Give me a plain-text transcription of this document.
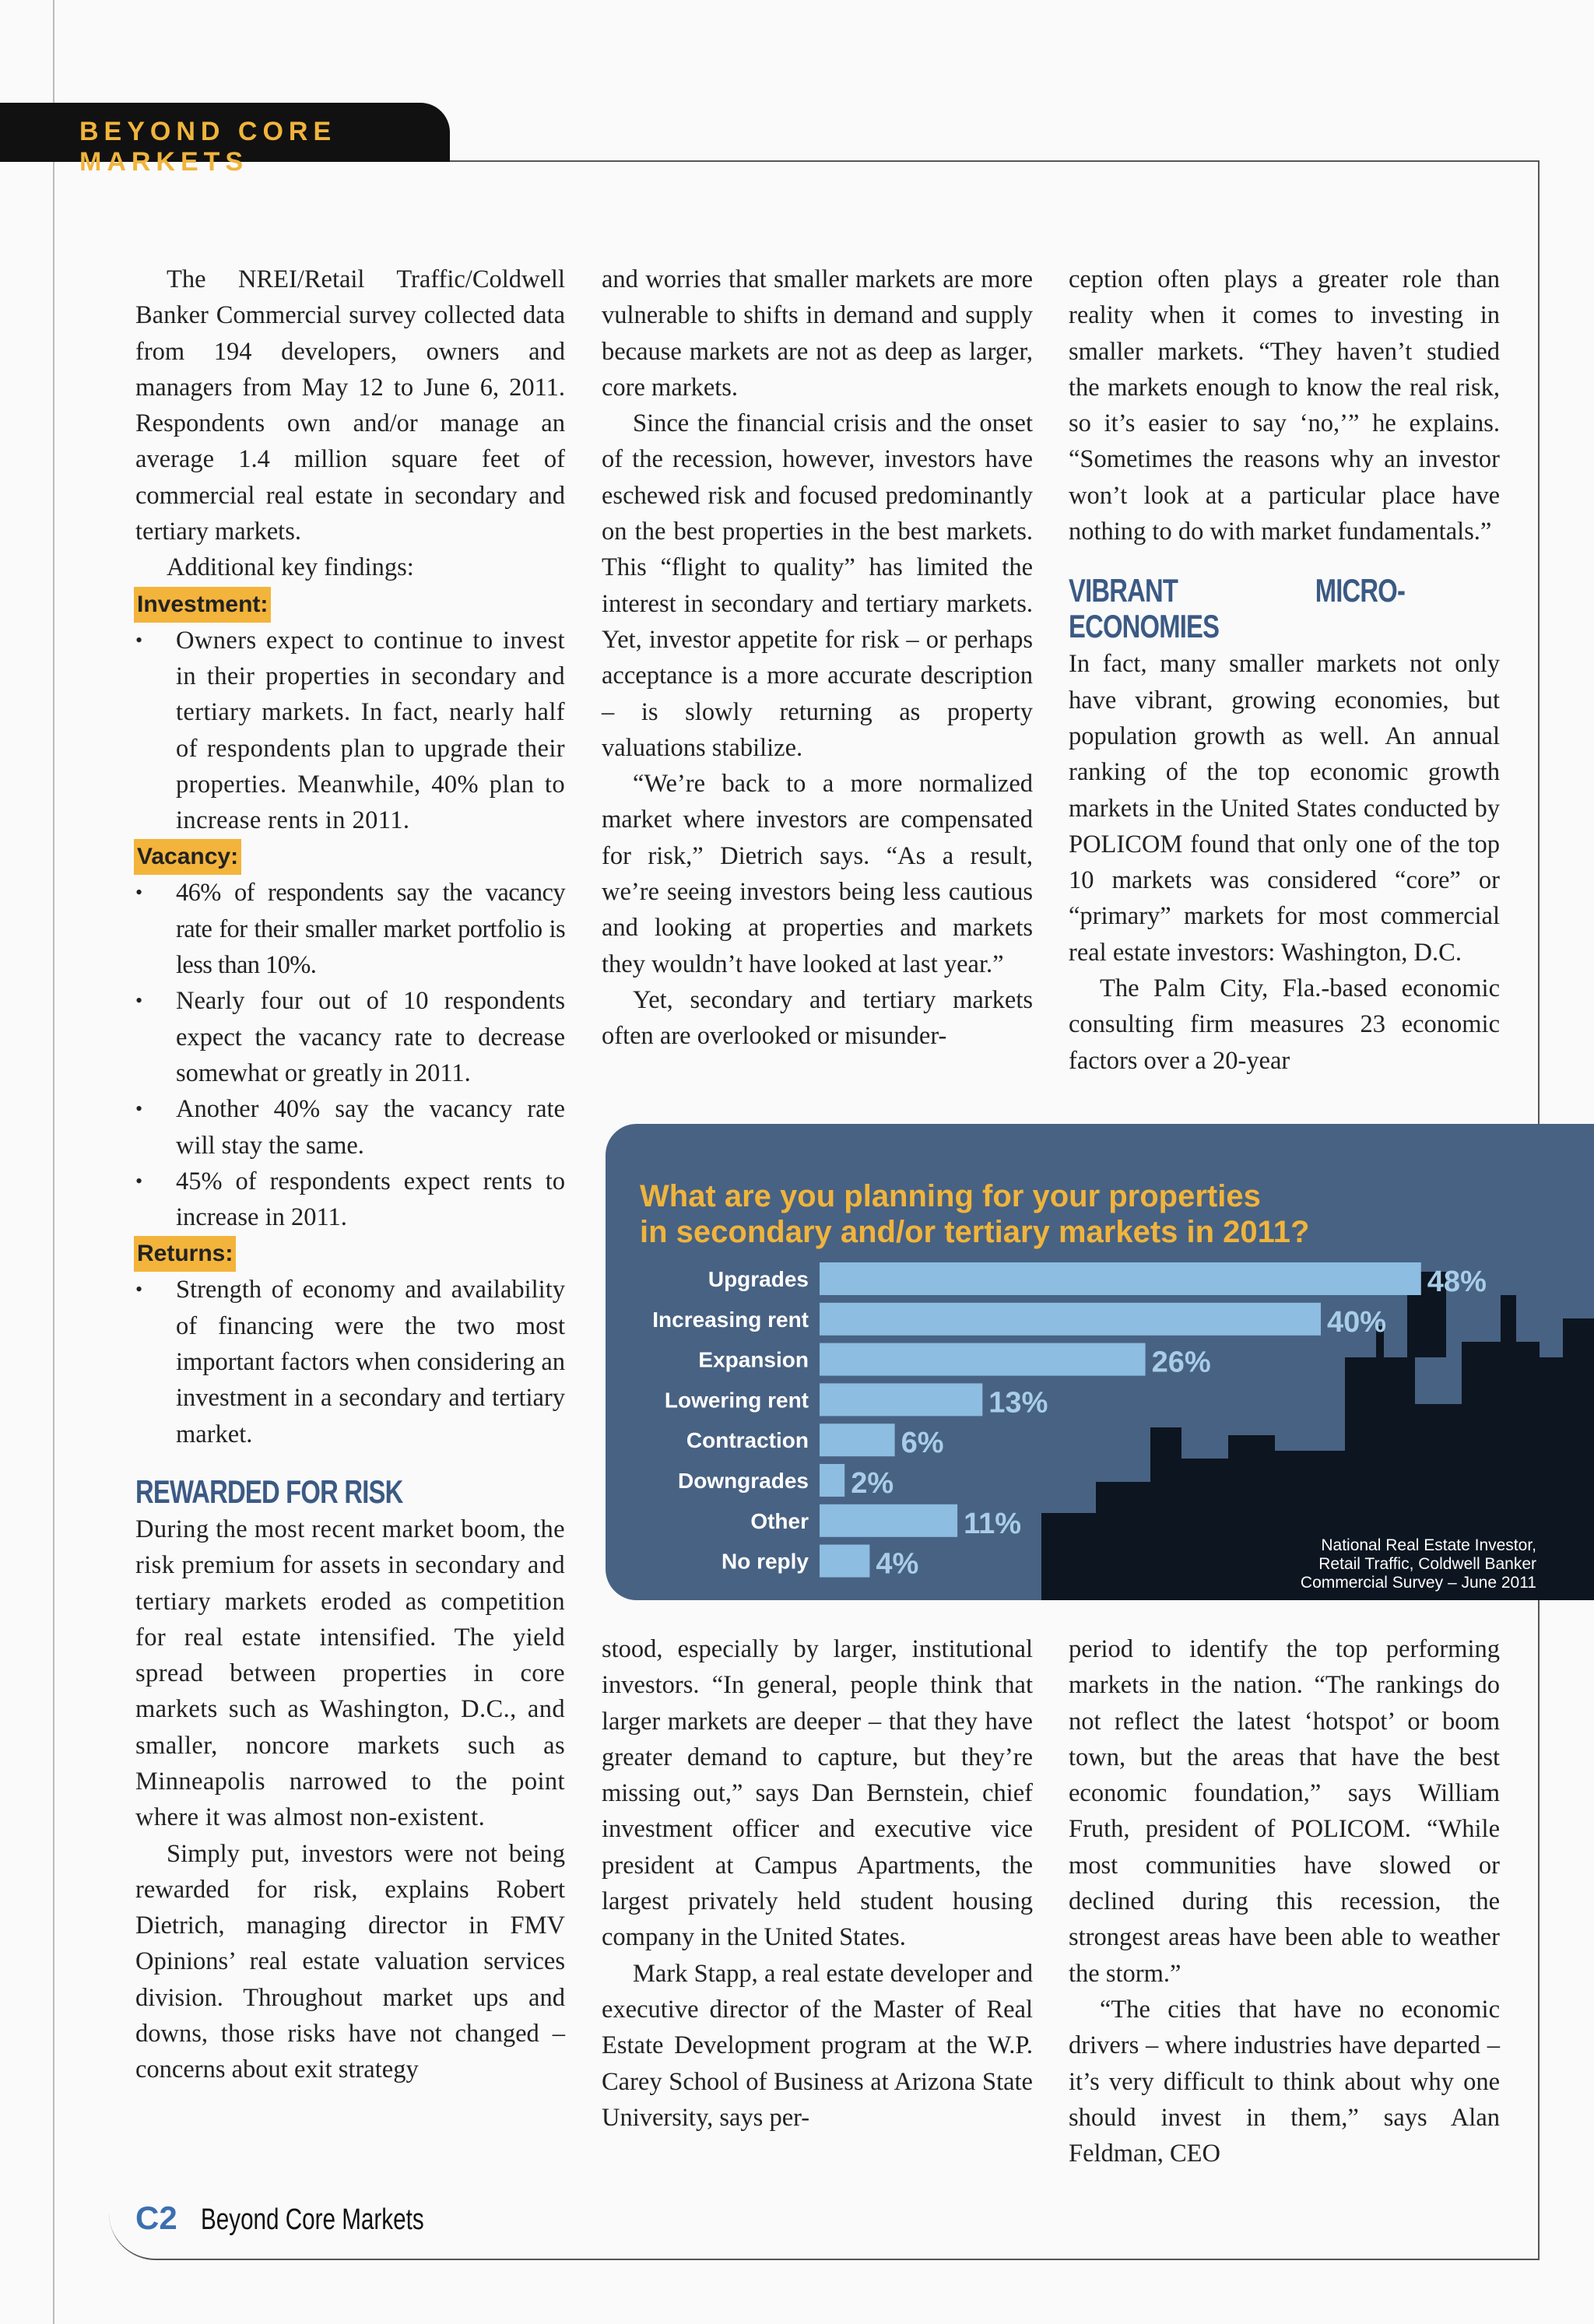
BEYOND CORE MARKETS

The NREI/Retail Traffic/Coldwell Banker Commercial survey collected data from 194 developers, owners and managers from May 12 to June 6, 2011. Respondents own and/or manage an average 1.4 million square feet of commercial real estate in secondary and tertiary markets.

Additional key findings:

Investment:
• Owners expect to continue to invest in their properties in secondary and tertiary markets. In fact, nearly half of respondents plan to upgrade their properties. Meanwhile, 40% plan to increase rents in 2011.
Vacancy:
• 46% of respondents say the vacancy rate for their smaller market portfolio is less than 10%.
• Nearly four out of 10 respondents expect the vacancy rate to decrease somewhat or greatly in 2011.
• Another 40% say the vacancy rate will stay the same.
• 45% of respondents expect rents to increase in 2011.
Returns:
• Strength of economy and availability of financing were the two most important factors when considering an investment in a secondary and tertiary market.
REWARDED FOR RISK

During the most recent market boom, the risk premium for assets in secondary and tertiary markets eroded as competition for real estate intensified. The yield spread between properties in core markets such as Washington, D.C., and smaller, noncore markets such as Minneapolis narrowed to the point where it was almost non-existent.

Simply put, investors were not being rewarded for risk, explains Robert Dietrich, managing director in FMV Opinions’ real estate valuation services division. Throughout market ups and downs, those risks have not changed – concerns about exit strategy

and worries that smaller markets are more vulnerable to shifts in demand and supply because markets are not as deep as larger, core markets.

Since the financial crisis and the onset of the recession, however, investors have eschewed risk and focused predominantly on the best properties in the best markets. This “flight to quality” has limited the interest in secondary and tertiary markets. Yet, investor appetite for risk – or perhaps acceptance is a more accurate description – is slowly returning as property valuations stabilize.

“We’re back to a more normalized market where investors are compensated for risk,” Dietrich says. “As a result, we’re seeing investors being less cautious and looking at properties and markets they wouldn’t have looked at last year.”

Yet, secondary and tertiary markets often are overlooked or misunder-

ception often plays a greater role than reality when it comes to investing in smaller markets. “They haven’t studied the markets enough to know the real risk, so it’s easier to say ‘no,’” he explains. “Sometimes the reasons why an investor won’t look at a particular place have nothing to do with market fundamentals.”

VIBRANT MICRO-ECONOMIES

In fact, many smaller markets not only have vibrant, growing economies, but population growth as well. An annual ranking of the top economic growth markets in the United States conducted by POLICOM found that only one of the top 10 markets was considered “core” or “primary” markets for most commercial real estate investors: Washington, D.C.

The Palm City, Fla.-based economic consulting firm measures 23 economic factors over a 20-year

What are you planning for your properties
in secondary and/or tertiary markets in 2011?
Upgrades	48%
Increasing rent	40%
Expansion	26%
Lowering rent	13%
Contraction	6%
Downgrades 2%
Other	11%
No reply 4%
National Real Estate Investor,
Retail Traffic, Coldwell Banker
Commercial Survey – June 2011

stood, especially by larger, institutional investors. “In general, people think that larger markets are deeper – that they have greater demand to capture, but they’re missing out,” says Dan Bernstein, chief investment officer and executive vice president at Campus Apartments, the largest privately held student housing company in the United States.

Mark Stapp, a real estate developer and executive director of the Master of Real Estate Development program at the W.P. Carey School of Business at Arizona State University, says per-

period to identify the top performing markets in the nation. “The rankings do not reflect the latest ‘hotspot’ or boom town, but the areas that have the best economic foundation,” says William Fruth, president of POLICOM. “While most communities have slowed or declined during this recession, the strongest areas have been able to weather the storm.”

“The cities that have no economic drivers – where industries have departed – it’s very difficult to think about why one should invest in them,” says Alan Feldman, CEO

C2 Beyond Core Markets
